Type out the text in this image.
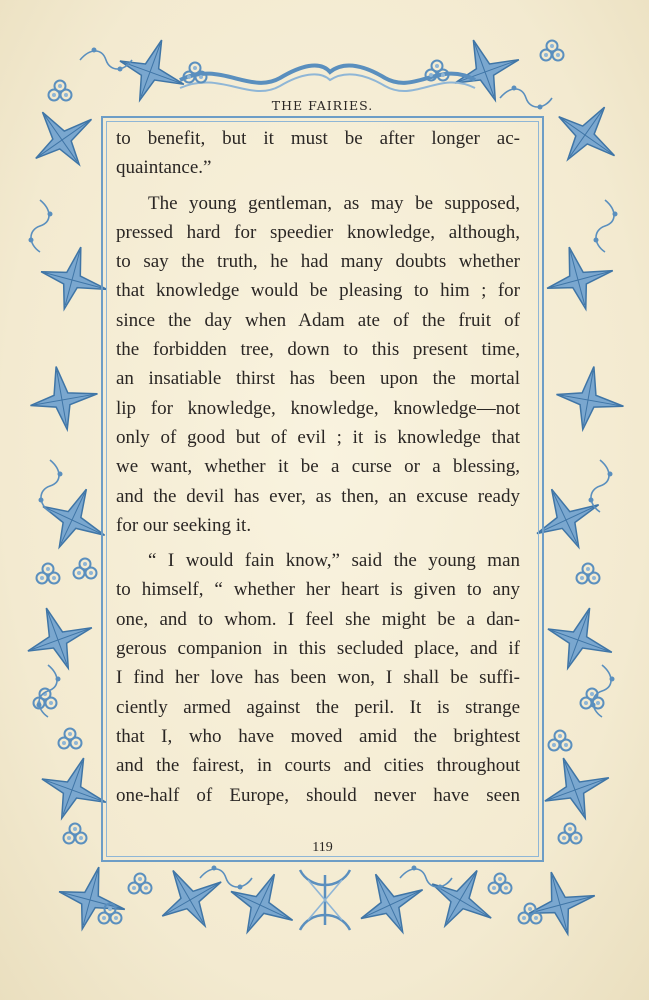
THE FAIRIES.
to benefit, but it must be after longer ac-
quaintance.”
The young gentleman, as may be supposed,
pressed hard for speedier knowledge, although,
to say the truth, he had many doubts whether
that knowledge would be pleasing to him ; for
since the day when Adam ate of the fruit of
the forbidden tree, down to this present time,
an insatiable thirst has been upon the mortal
lip for knowledge, knowledge, knowledge—not
only of good but of evil ; it is knowledge that
we want, whether it be a curse or a blessing,
and the devil has ever, as then, an excuse ready
for our seeking it.
“ I would fain know,” said the young man
to himself, “ whether her heart is given to any
one, and to whom. I feel she might be a dan-
gerous companion in this secluded place, and if
I find her love has been won, I shall be suffi-
ciently armed against the peril. It is strange
that I, who have moved amid the brightest
and the fairest, in courts and cities throughout
one-half of Europe, should never have seen
119
